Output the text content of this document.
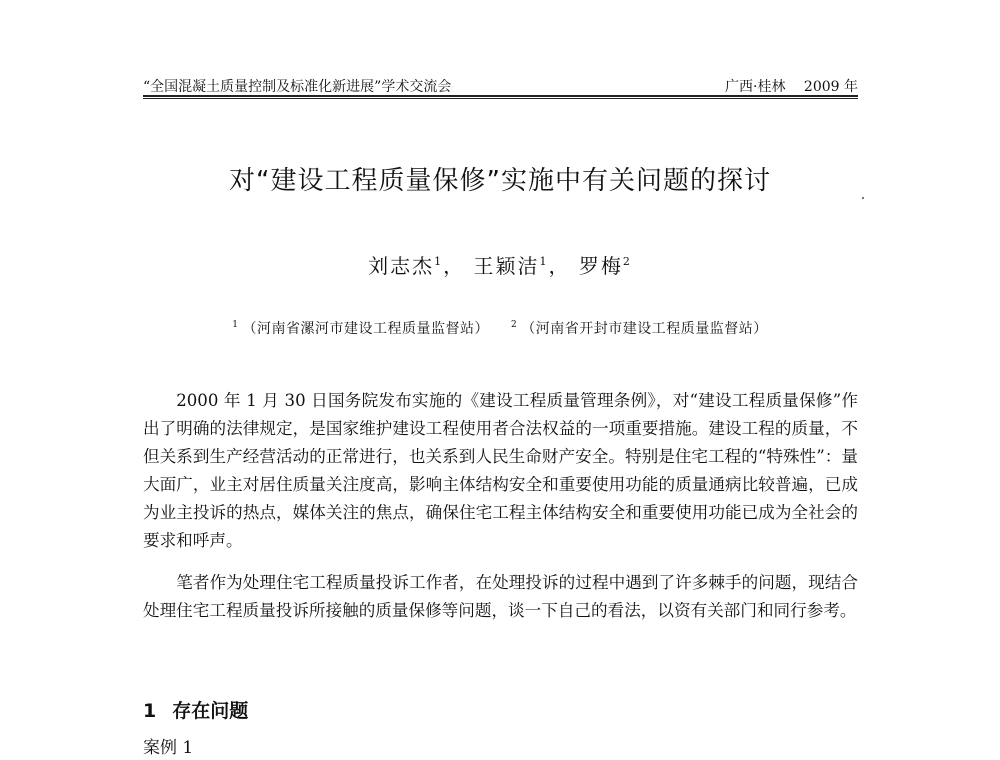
“全国混凝土质量控制及标准化新进展”学术交流会	广西·桂林 2009 年
对“建设工程质量保修”实施中有关问题的探讨
刘志杰$^1$ ， 王颖洁$^1$ ， 罗梅$^2$
$^1$ （河南省漯河市建设工程质量监督站） $^2$ （河南省开封市建设工程质量监督站）

2000 年 1 月 30 日国务院发布实施的《建设工程质量管理条例》，对“建设工程质量保修”作出了明确的法律规定，是国家维护建设工程使用者合法权益的一项重要措施。建设工程的质量，不但关系到生产经营活动的正常进行，也关系到人民生命财产安全。特别是住宅工程的“特殊性”：量大面广，业主对居住质量关注度高，影响主体结构安全和重要使用功能的质量通病比较普遍，已成为业主投诉的热点，媒体关注的焦点，确保住宅工程主体结构安全和重要使用功能已成为全社会的要求和呼声。

笔者作为处理住宅工程质量投诉工作者，在处理投诉的过程中遇到了许多棘手的问题，现结合处理住宅工程质量投诉所接触的质量保修等问题，谈一下自己的看法，以资有关部门和同行参考。

1 存在问题
案例 1
